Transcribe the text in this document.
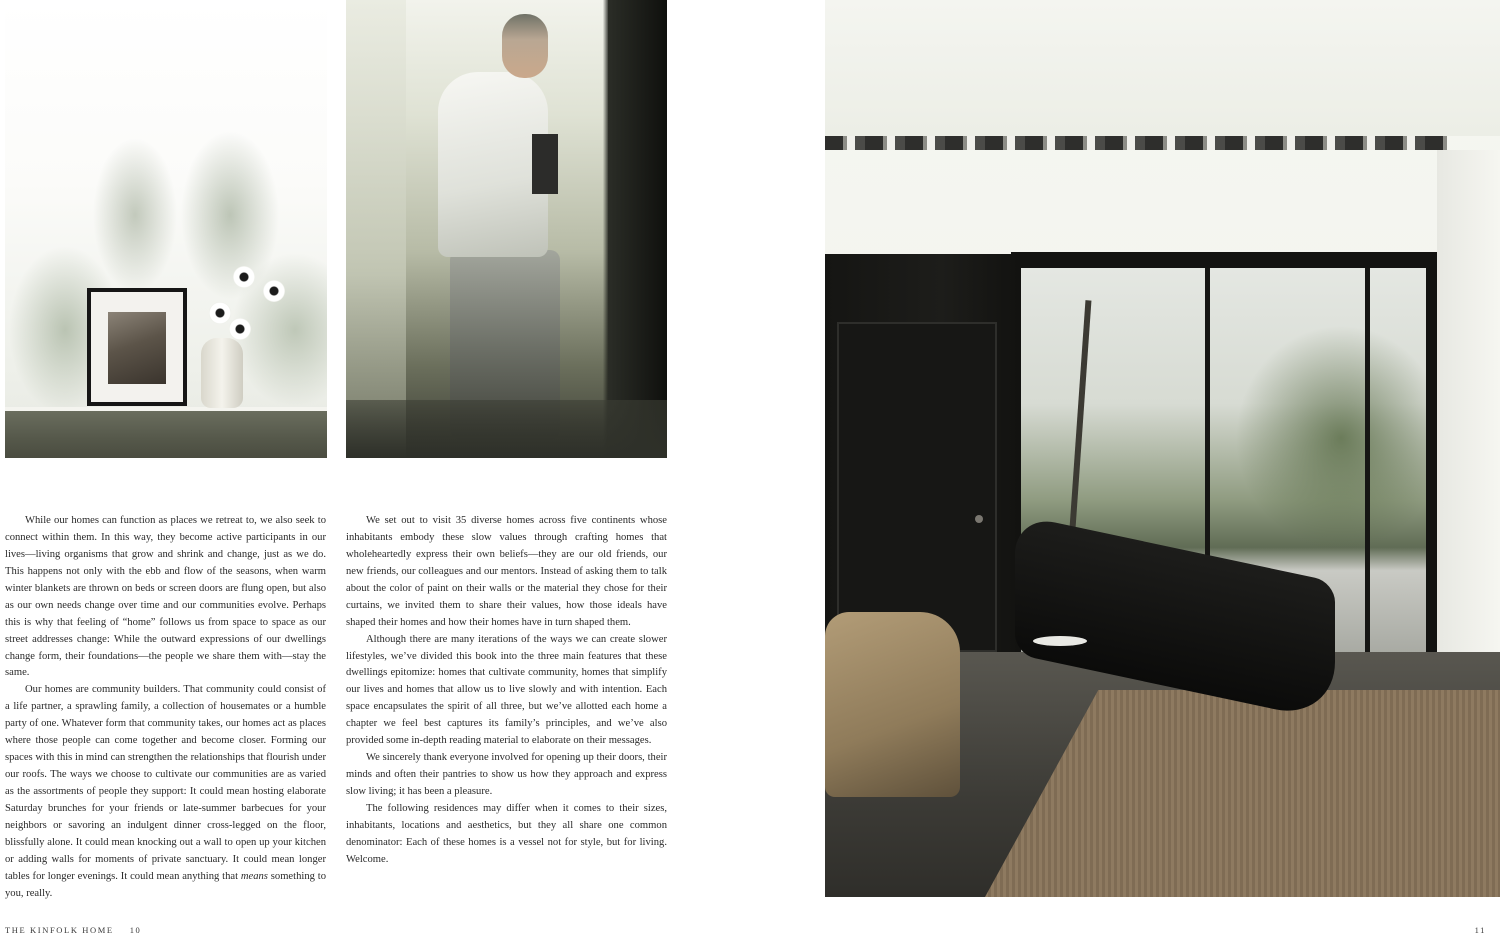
While our homes can function as places we retreat to, we also seek to connect within them. In this way, they become active participants in our lives—living organisms that grow and shrink and change, just as we do. This happens not only with the ebb and flow of the seasons, when warm winter blankets are thrown on beds or screen doors are flung open, but also as our own needs change over time and our communities evolve. Perhaps this is why that feeling of “home” follows us from space to space as our street addresses change: While the outward expressions of our dwellings change form, their foundations—the people we share them with—stay the same.

Our homes are community builders. That community could consist of a life partner, a sprawling family, a collection of housemates or a humble party of one. Whatever form that community takes, our homes act as places where those people can come together and become closer. Forming our spaces with this in mind can strengthen the relationships that flourish under our roofs. The ways we choose to cultivate our communities are as varied as the assortments of people they support: It could mean hosting elaborate Saturday brunches for your friends or late-summer barbecues for your neighbors or savoring an indulgent dinner cross-legged on the floor, blissfully alone. It could mean knocking out a wall to open up your kitchen or adding walls for moments of private sanctuary. It could mean longer tables for longer evenings. It could mean anything that means something to you, really.

We set out to visit 35 diverse homes across five continents whose inhabitants embody these slow values through crafting homes that wholeheartedly express their own beliefs—they are our old friends, our new friends, our colleagues and our mentors. Instead of asking them to talk about the color of paint on their walls or the material they chose for their curtains, we invited them to share their values, how those ideals have shaped their homes and how their homes have in turn shaped them.

Although there are many iterations of the ways we can create slower lifestyles, we’ve divided this book into the three main features that these dwellings epitomize: homes that cultivate community, homes that simplify our lives and homes that allow us to live slowly and with intention. Each space encapsulates the spirit of all three, but we’ve allotted each home a chapter we feel best captures its family’s principles, and we’ve also provided some in-depth reading material to elaborate on their messages.

We sincerely thank everyone involved for opening up their doors, their minds and often their pantries to show us how they approach and express slow living; it has been a pleasure.

The following residences may differ when it comes to their sizes, inhabitants, locations and aesthetics, but they all share one common denominator: Each of these homes is a vessel not for style, but for living. Welcome.

THE KINFOLK HOME 10	11
